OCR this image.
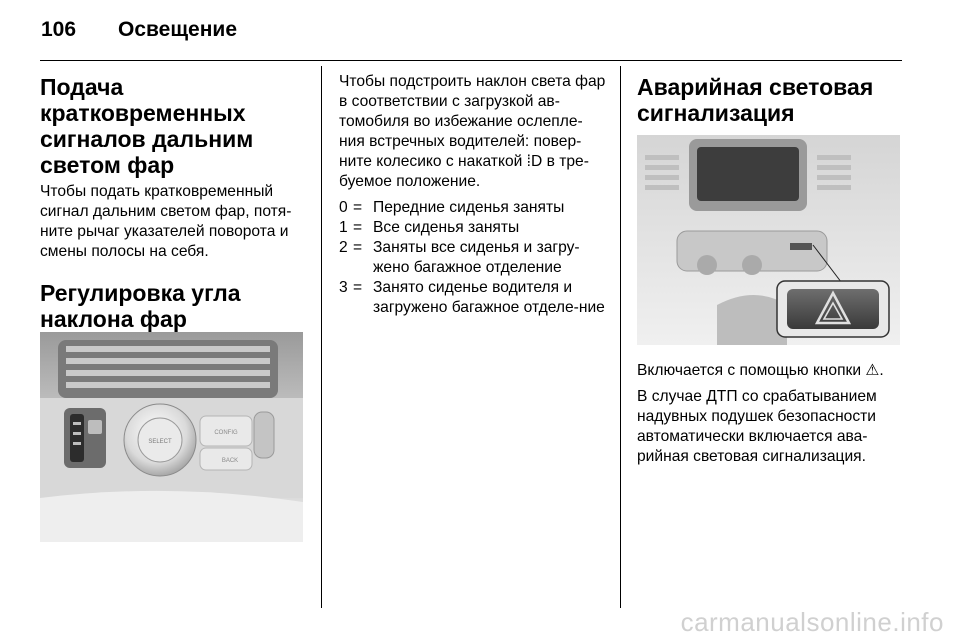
106 Освещение
Подача кратковременных сигналов дальним светом фар

Чтобы подать кратковременный сигнал дальним светом фар, потя-ните рычаг указателей поворота и смены полосы на себя.

Регулировка угла наклона фар
SELECT
CONFIG
BACK

Чтобы подстроить наклон света фар в соответствии с загрузкой ав-томобиля во избежание ослепле-ния встречных водителей: повер-ните колесико с накаткой ⁞D в тре-буемое положение.

0 = Передние сиденья заняты
1 = Все сиденья заняты
2 = Заняты все сиденья и загру-жено багажное отделение
3 = Занято сиденье водителя и загружено багажное отделе-ние
Аварийная световая сигнализация

Включается с помощью кнопки ⚠.

В случае ДТП со срабатыванием надувных подушек безопасности автоматически включается ава-рийная световая сигнализация.

carmanualsonline.info
